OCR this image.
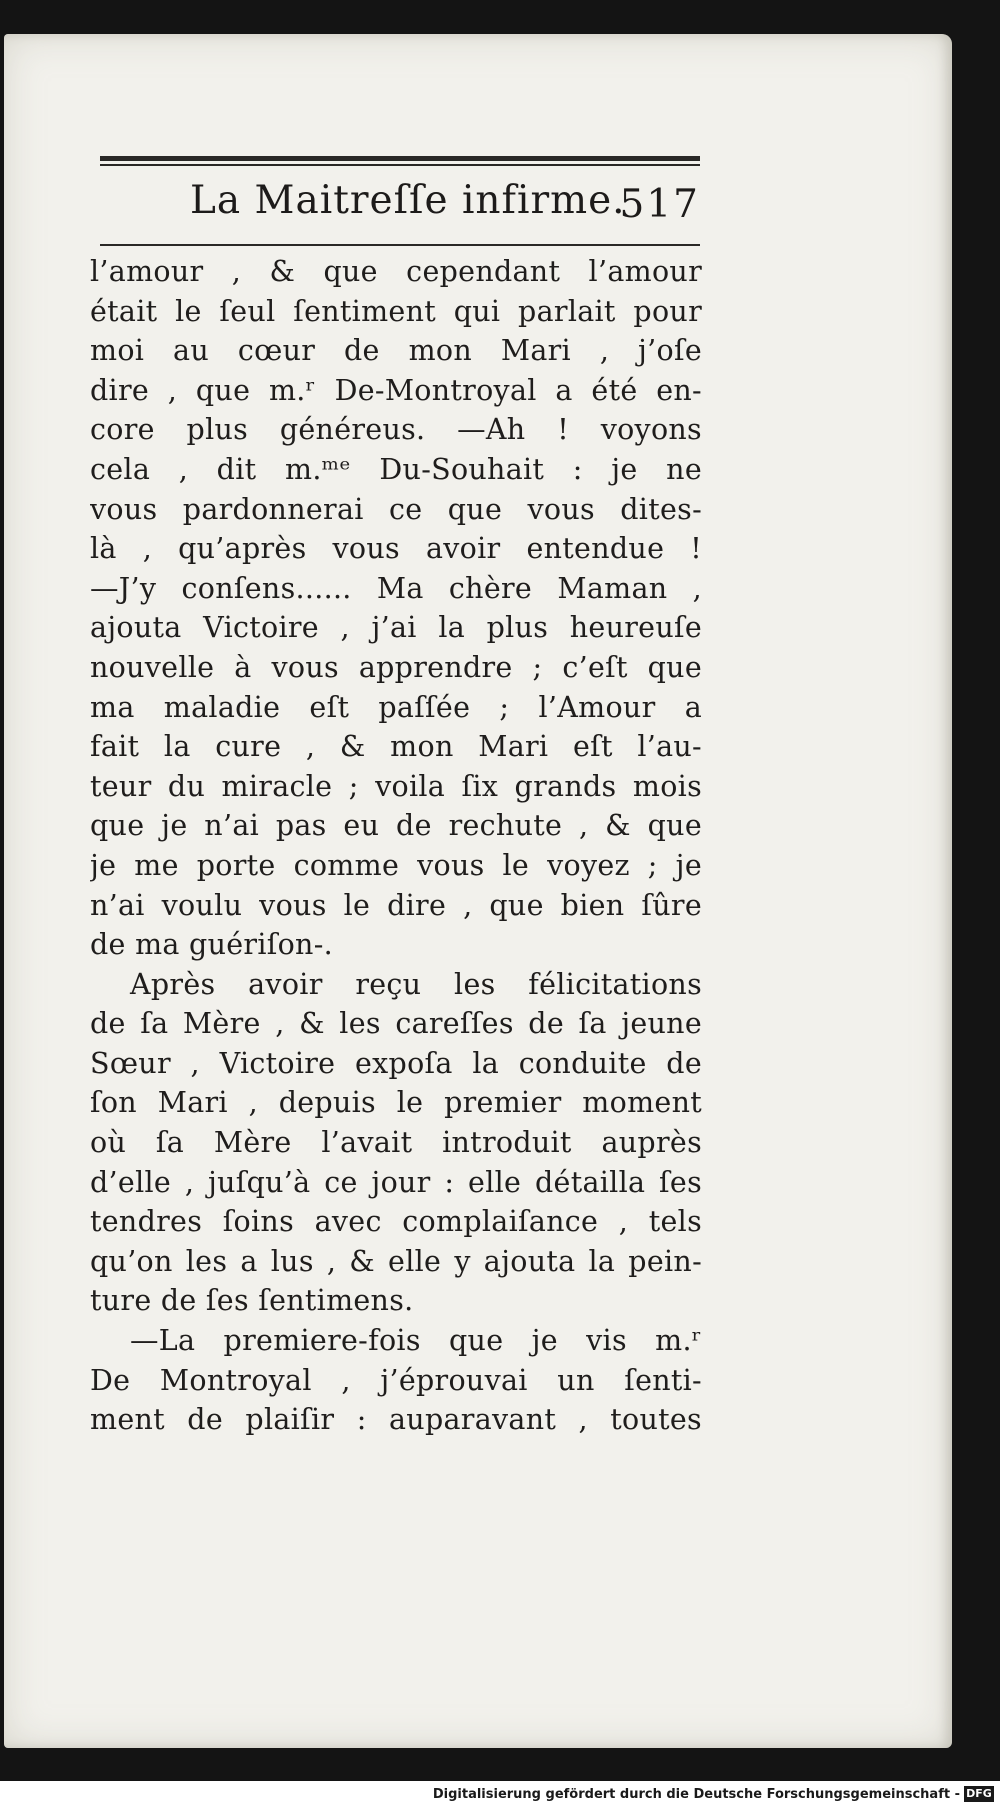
La Maitreſſe infirme.
517
l’amour , & que cependant l’amour
était le ſeul ſentiment qui parlait pour
moi au cœur de mon Mari , j’oſe
dire , que m.ʳ De-Montroyal a été en-
core plus généreus. —Ah ! voyons
cela , dit m.ᵐᵉ Du-Souhait : je ne
vous pardonnerai ce que vous dites-
là , qu’après vous avoir entendue !
—J’y conſens...... Ma chère Maman ,
ajouta Victoire , j’ai la plus heureuſe
nouvelle à vous apprendre ; c’eſt que
ma maladie eſt paſſée ; l’Amour a
fait la cure , & mon Mari eſt l’au-
teur du miracle ; voila ſix grands mois
que je n’ai pas eu de rechute , & que
je me porte comme vous le voyez ; je
n’ai voulu vous le dire , que bien ſûre
de ma guériſon-.
Après avoir reçu les félicitations
de ſa Mère , & les careſſes de ſa jeune
Sœur , Victoire expoſa la conduite de
ſon Mari , depuis le premier moment
où ſa Mère l’avait introduit auprès
d’elle , juſqu’à ce jour : elle détailla ſes
tendres ſoins avec complaiſance , tels
qu’on les a lus , & elle y ajouta la pein-
ture de ſes ſentimens.
—La premiere-fois que je vis m.ʳ
De Montroyal , j’éprouvai un ſenti-
ment de plaiſir : auparavant , toutes
Digitalisierung gefördert durch die Deutsche Forschungsgemeinschaft - DFG
